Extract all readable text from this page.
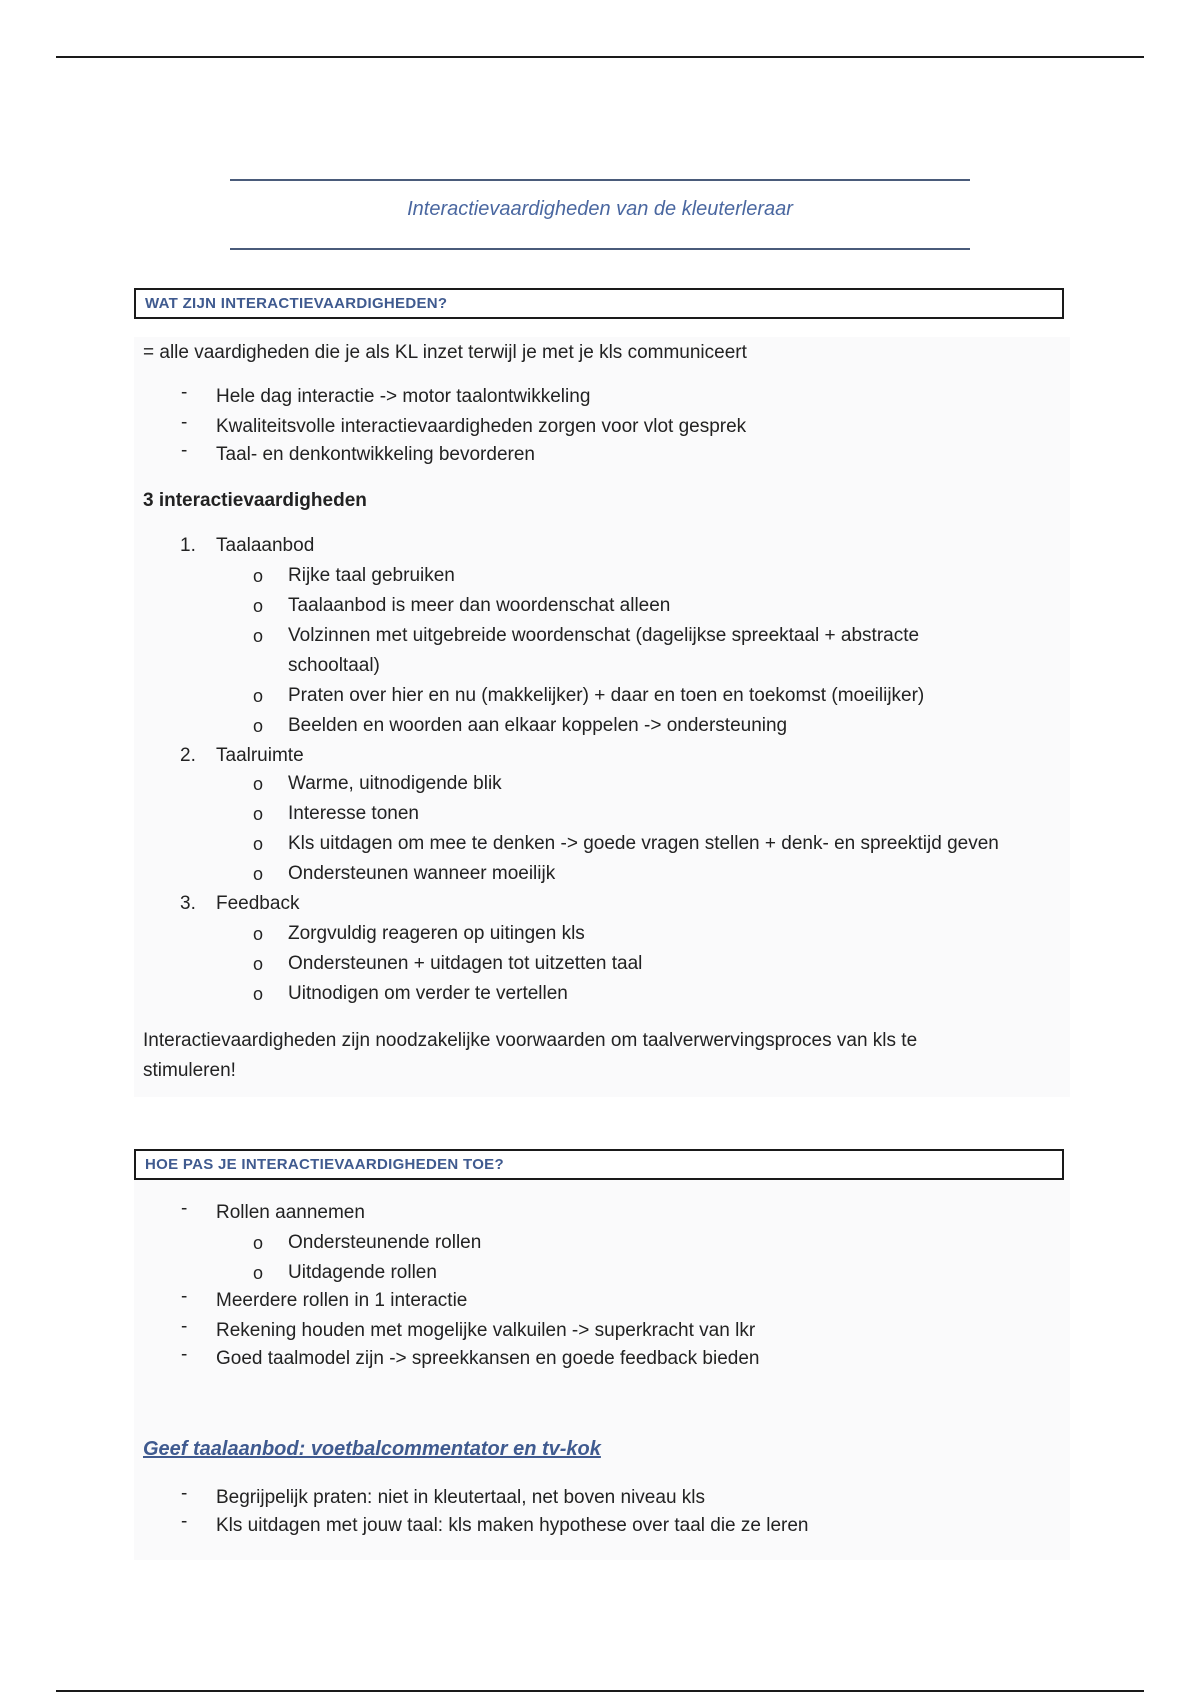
Interactievaardigheden van de kleuterleraar
WAT ZIJN INTERACTIEVAARDIGHEDEN?
= alle vaardigheden die je als KL inzet terwijl je met je kls communiceert
-	Hele dag interactie -> motor taalontwikkeling
-	Kwaliteitsvolle interactievaardigheden zorgen voor vlot gesprek
-	Taal- en denkontwikkeling bevorderen
3 interactievaardigheden
1. Taalaanbod
o Rijke taal gebruiken
o Taalaanbod is meer dan woordenschat alleen
o Volzinnen met uitgebreide woordenschat (dagelijkse spreektaal + abstracte
schooltaal)
o Praten over hier en nu (makkelijker) + daar en toen en toekomst (moeilijker)
o Beelden en woorden aan elkaar koppelen -> ondersteuning
2. Taalruimte
o Warme, uitnodigende blik
o Interesse tonen
o Kls uitdagen om mee te denken -> goede vragen stellen + denk- en spreektijd geven
o Ondersteunen wanneer moeilijk
3. Feedback
o Zorgvuldig reageren op uitingen kls
o Ondersteunen + uitdagen tot uitzetten taal
o Uitnodigen om verder te vertellen
Interactievaardigheden zijn noodzakelijke voorwaarden om taalverwervingsproces van kls te
stimuleren!
HOE PAS JE INTERACTIEVAARDIGHEDEN TOE?
-	Rollen aannemen
o Ondersteunende rollen
o Uitdagende rollen
-	Meerdere rollen in 1 interactie
-	Rekening houden met mogelijke valkuilen -> superkracht van lkr
-	Goed taalmodel zijn -> spreekkansen en goede feedback bieden
Geef taalaanbod: voetbalcommentator en tv-kok
-	Begrijpelijk praten: niet in kleutertaal, net boven niveau kls
-	Kls uitdagen met jouw taal: kls maken hypothese over taal die ze leren
